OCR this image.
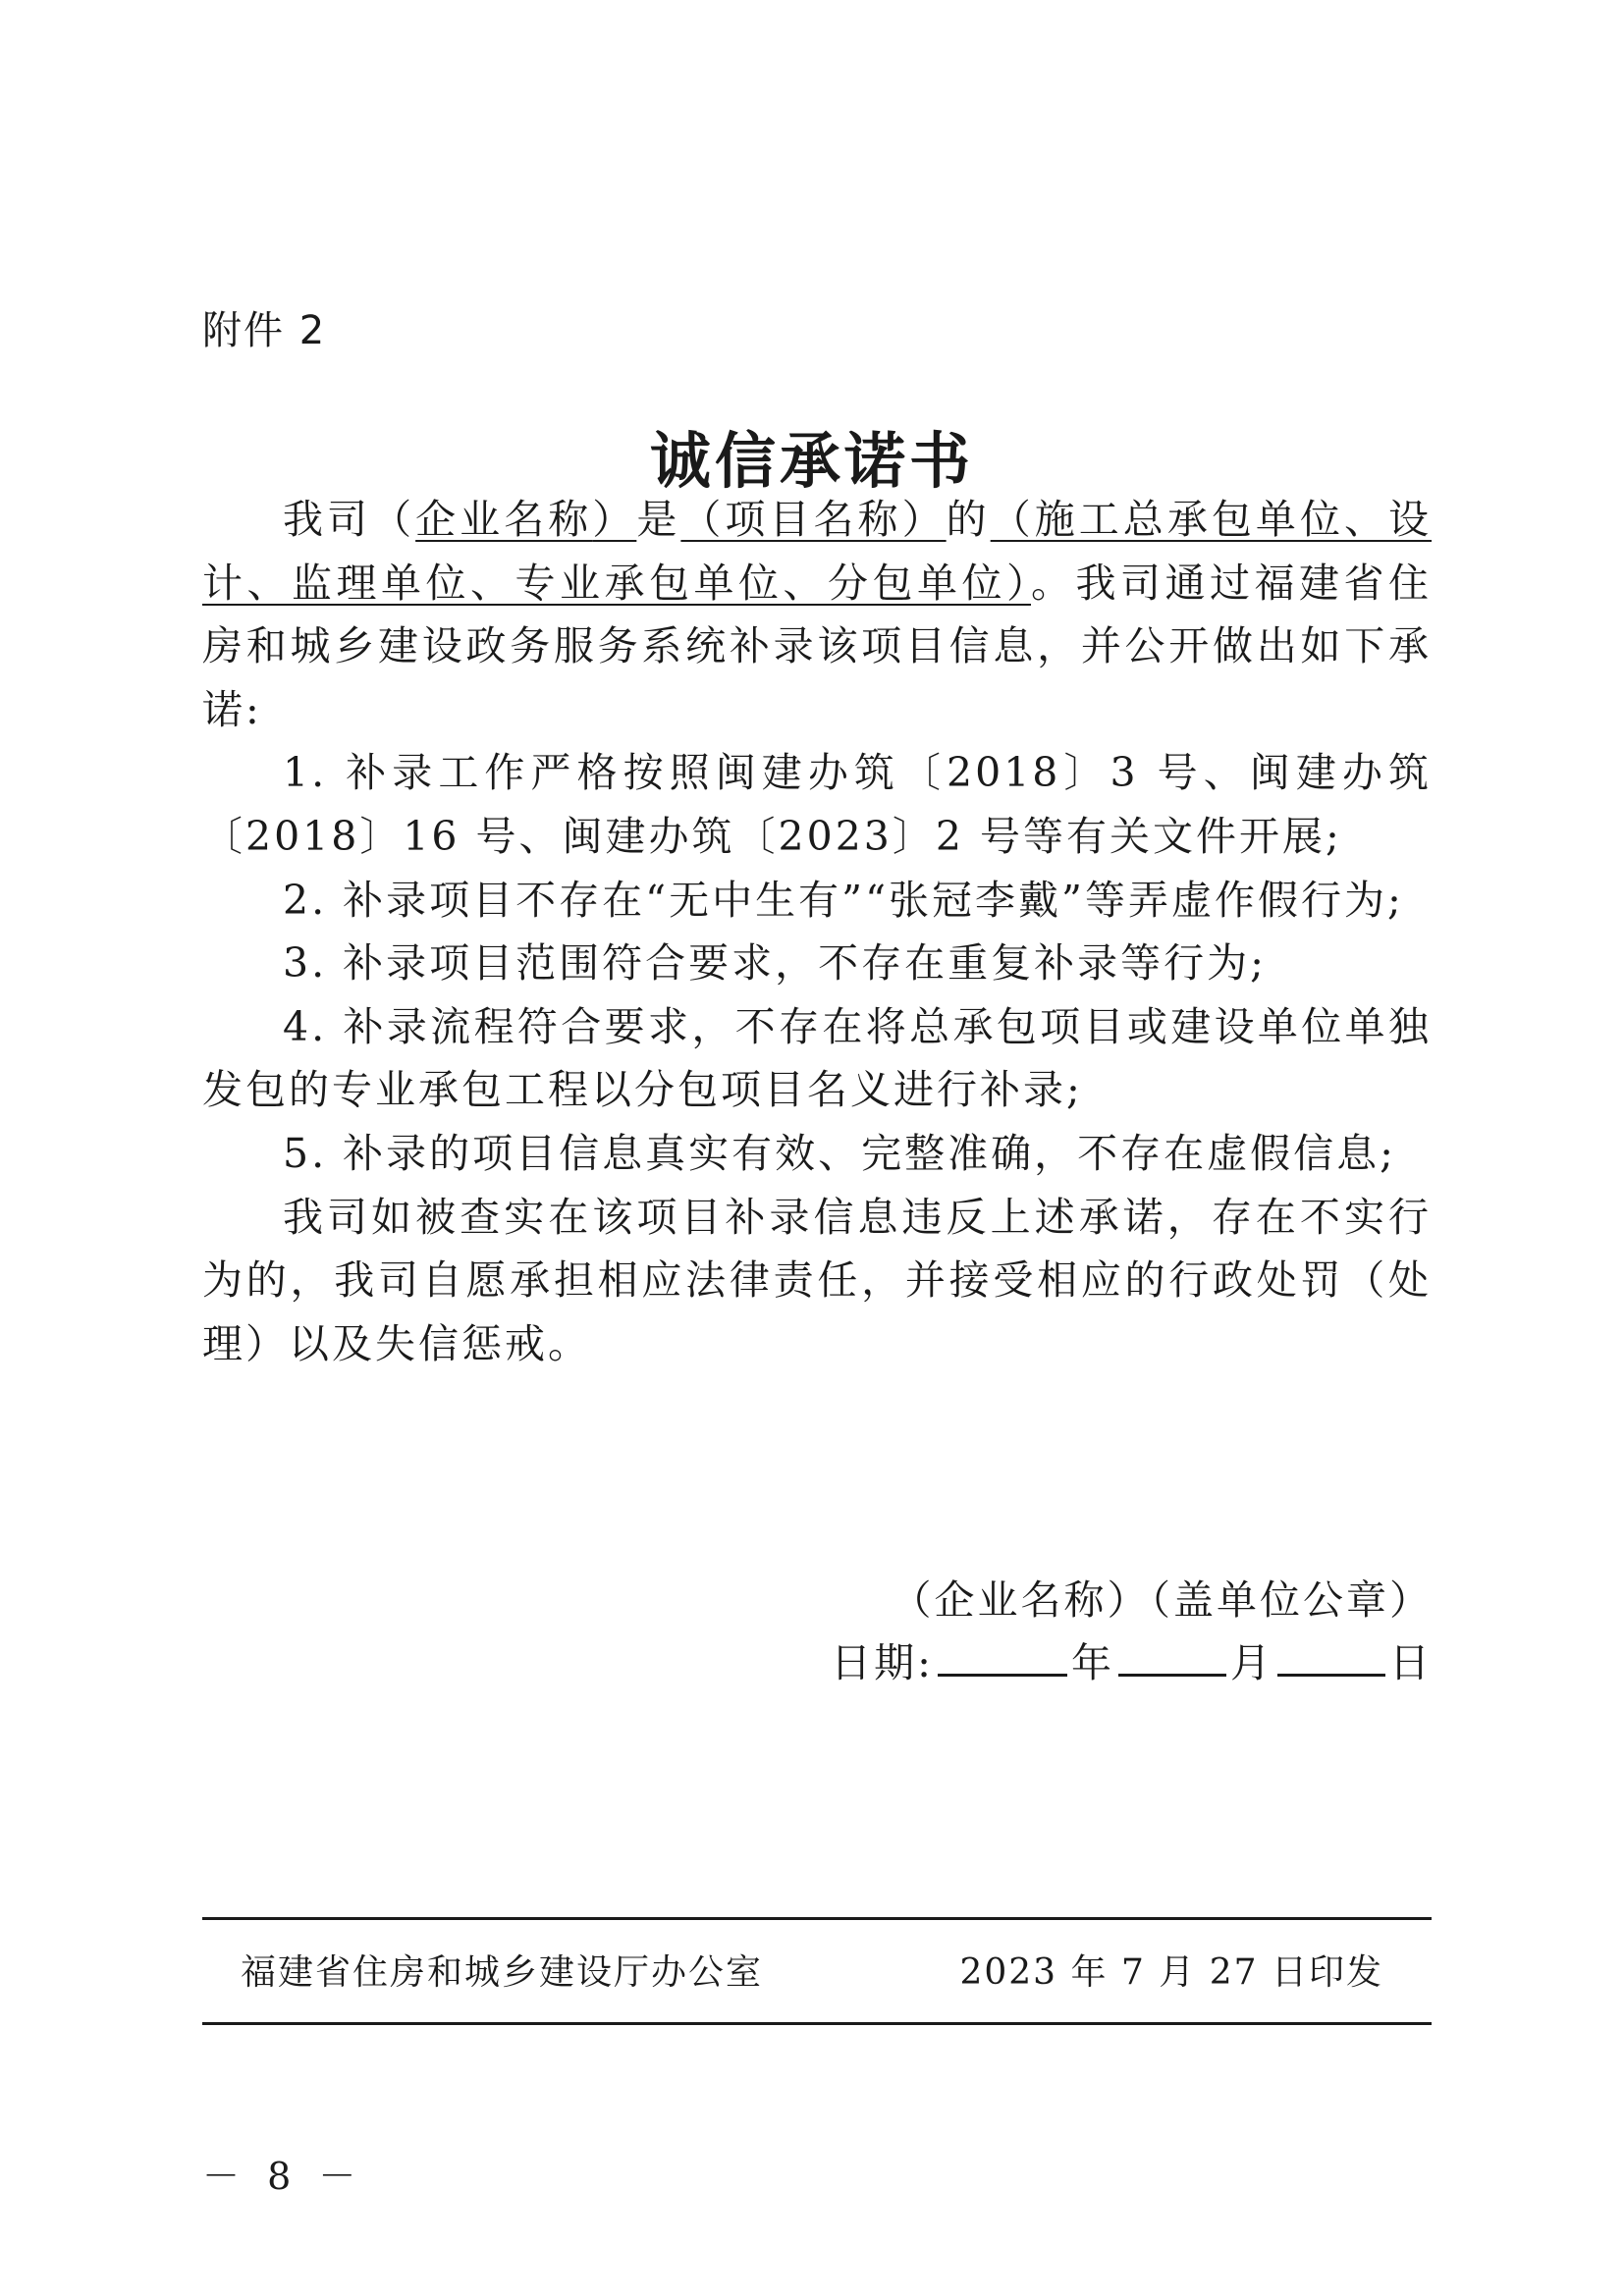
附件 2
诚信承诺书

我司（企业名称）是（项目名称）的（施工总承包单位、设计、监理单位、专业承包单位、分包单位）。我司通过福建省住房和城乡建设政务服务系统补录该项目信息，并公开做出如下承诺:

1. 补录工作严格按照闽建办筑〔2018〕3 号、闽建办筑〔2018〕16 号、闽建办筑〔2023〕2 号等有关文件开展;

2. 补录项目不存在“无中生有”“张冠李戴”等弄虚作假行为;

3. 补录项目范围符合要求，不存在重复补录等行为;

4. 补录流程符合要求，不存在将总承包项目或建设单位单独发包的专业承包工程以分包项目名义进行补录;

5. 补录的项目信息真实有效、完整准确，不存在虚假信息;

我司如被查实在该项目补录信息违反上述承诺，存在不实行为的，我司自愿承担相应法律责任，并接受相应的行政处罚（处理）以及失信惩戒。

（企业名称）（盖单位公章）
日期:	年	月	日
福建省住房和城乡建设厅办公室	2023 年 7 月 27 日印发
－ 8 －
